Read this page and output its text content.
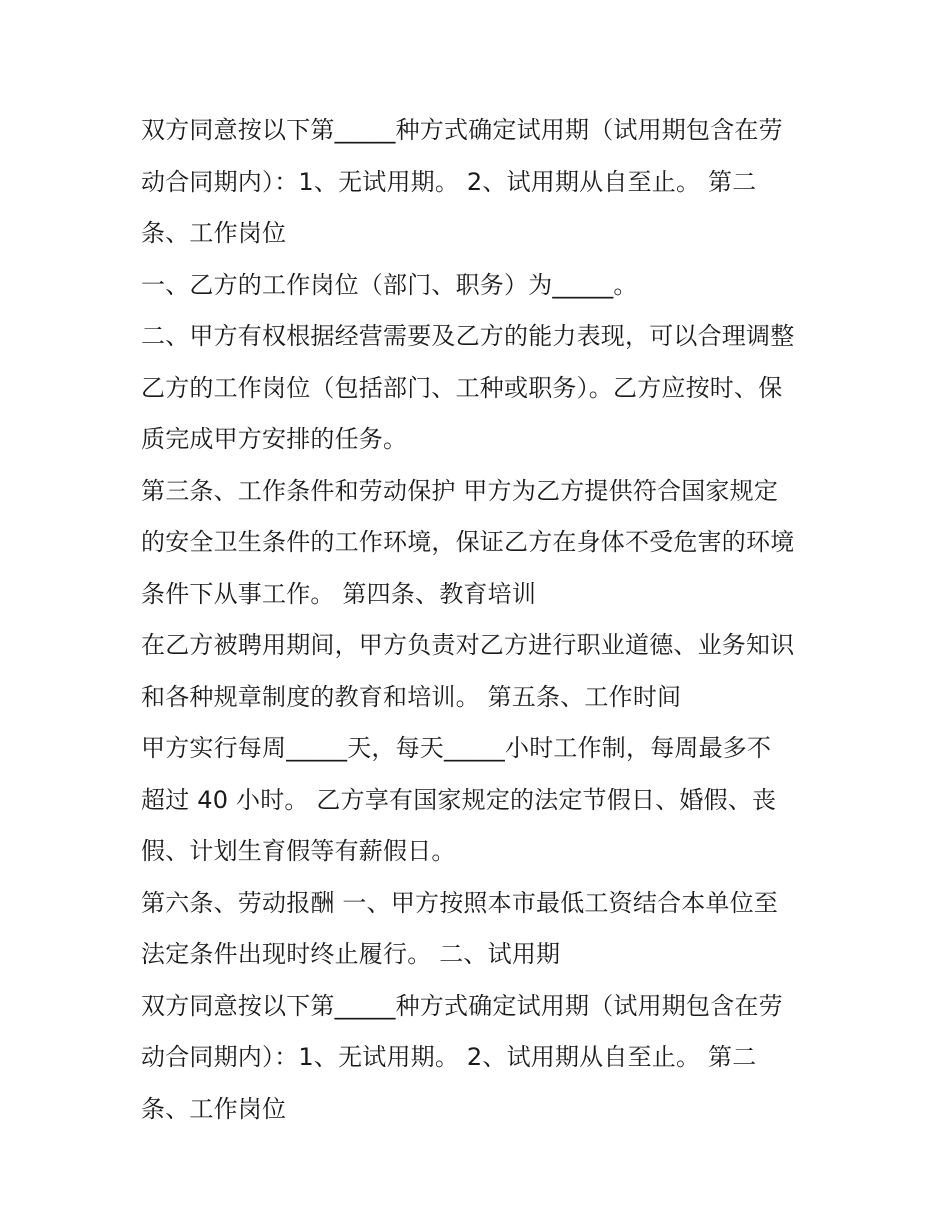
双方同意按以下第_____种方式确定试用期（试用期包含在劳
动合同期内）：1、无试用期。 2、试用期从自至止。 第二
条、工作岗位
一、乙方的工作岗位（部门、职务）为_____。
二、甲方有权根据经营需要及乙方的能力表现，可以合理调整
乙方的工作岗位（包括部门、工种或职务）。乙方应按时、保
质完成甲方安排的任务。
第三条、工作条件和劳动保护 甲方为乙方提供符合国家规定
的安全卫生条件的工作环境，保证乙方在身体不受危害的环境
条件下从事工作。 第四条、教育培训
在乙方被聘用期间，甲方负责对乙方进行职业道德、业务知识
和各种规章制度的教育和培训。 第五条、工作时间
甲方实行每周_____天，每天_____小时工作制，每周最多不
超过 40 小时。 乙方享有国家规定的法定节假日、婚假、丧
假、计划生育假等有薪假日。
第六条、劳动报酬 一、甲方按照本市最低工资结合本单位至
法定条件出现时终止履行。 二、试用期
双方同意按以下第_____种方式确定试用期（试用期包含在劳
动合同期内）：1、无试用期。 2、试用期从自至止。 第二
条、工作岗位
